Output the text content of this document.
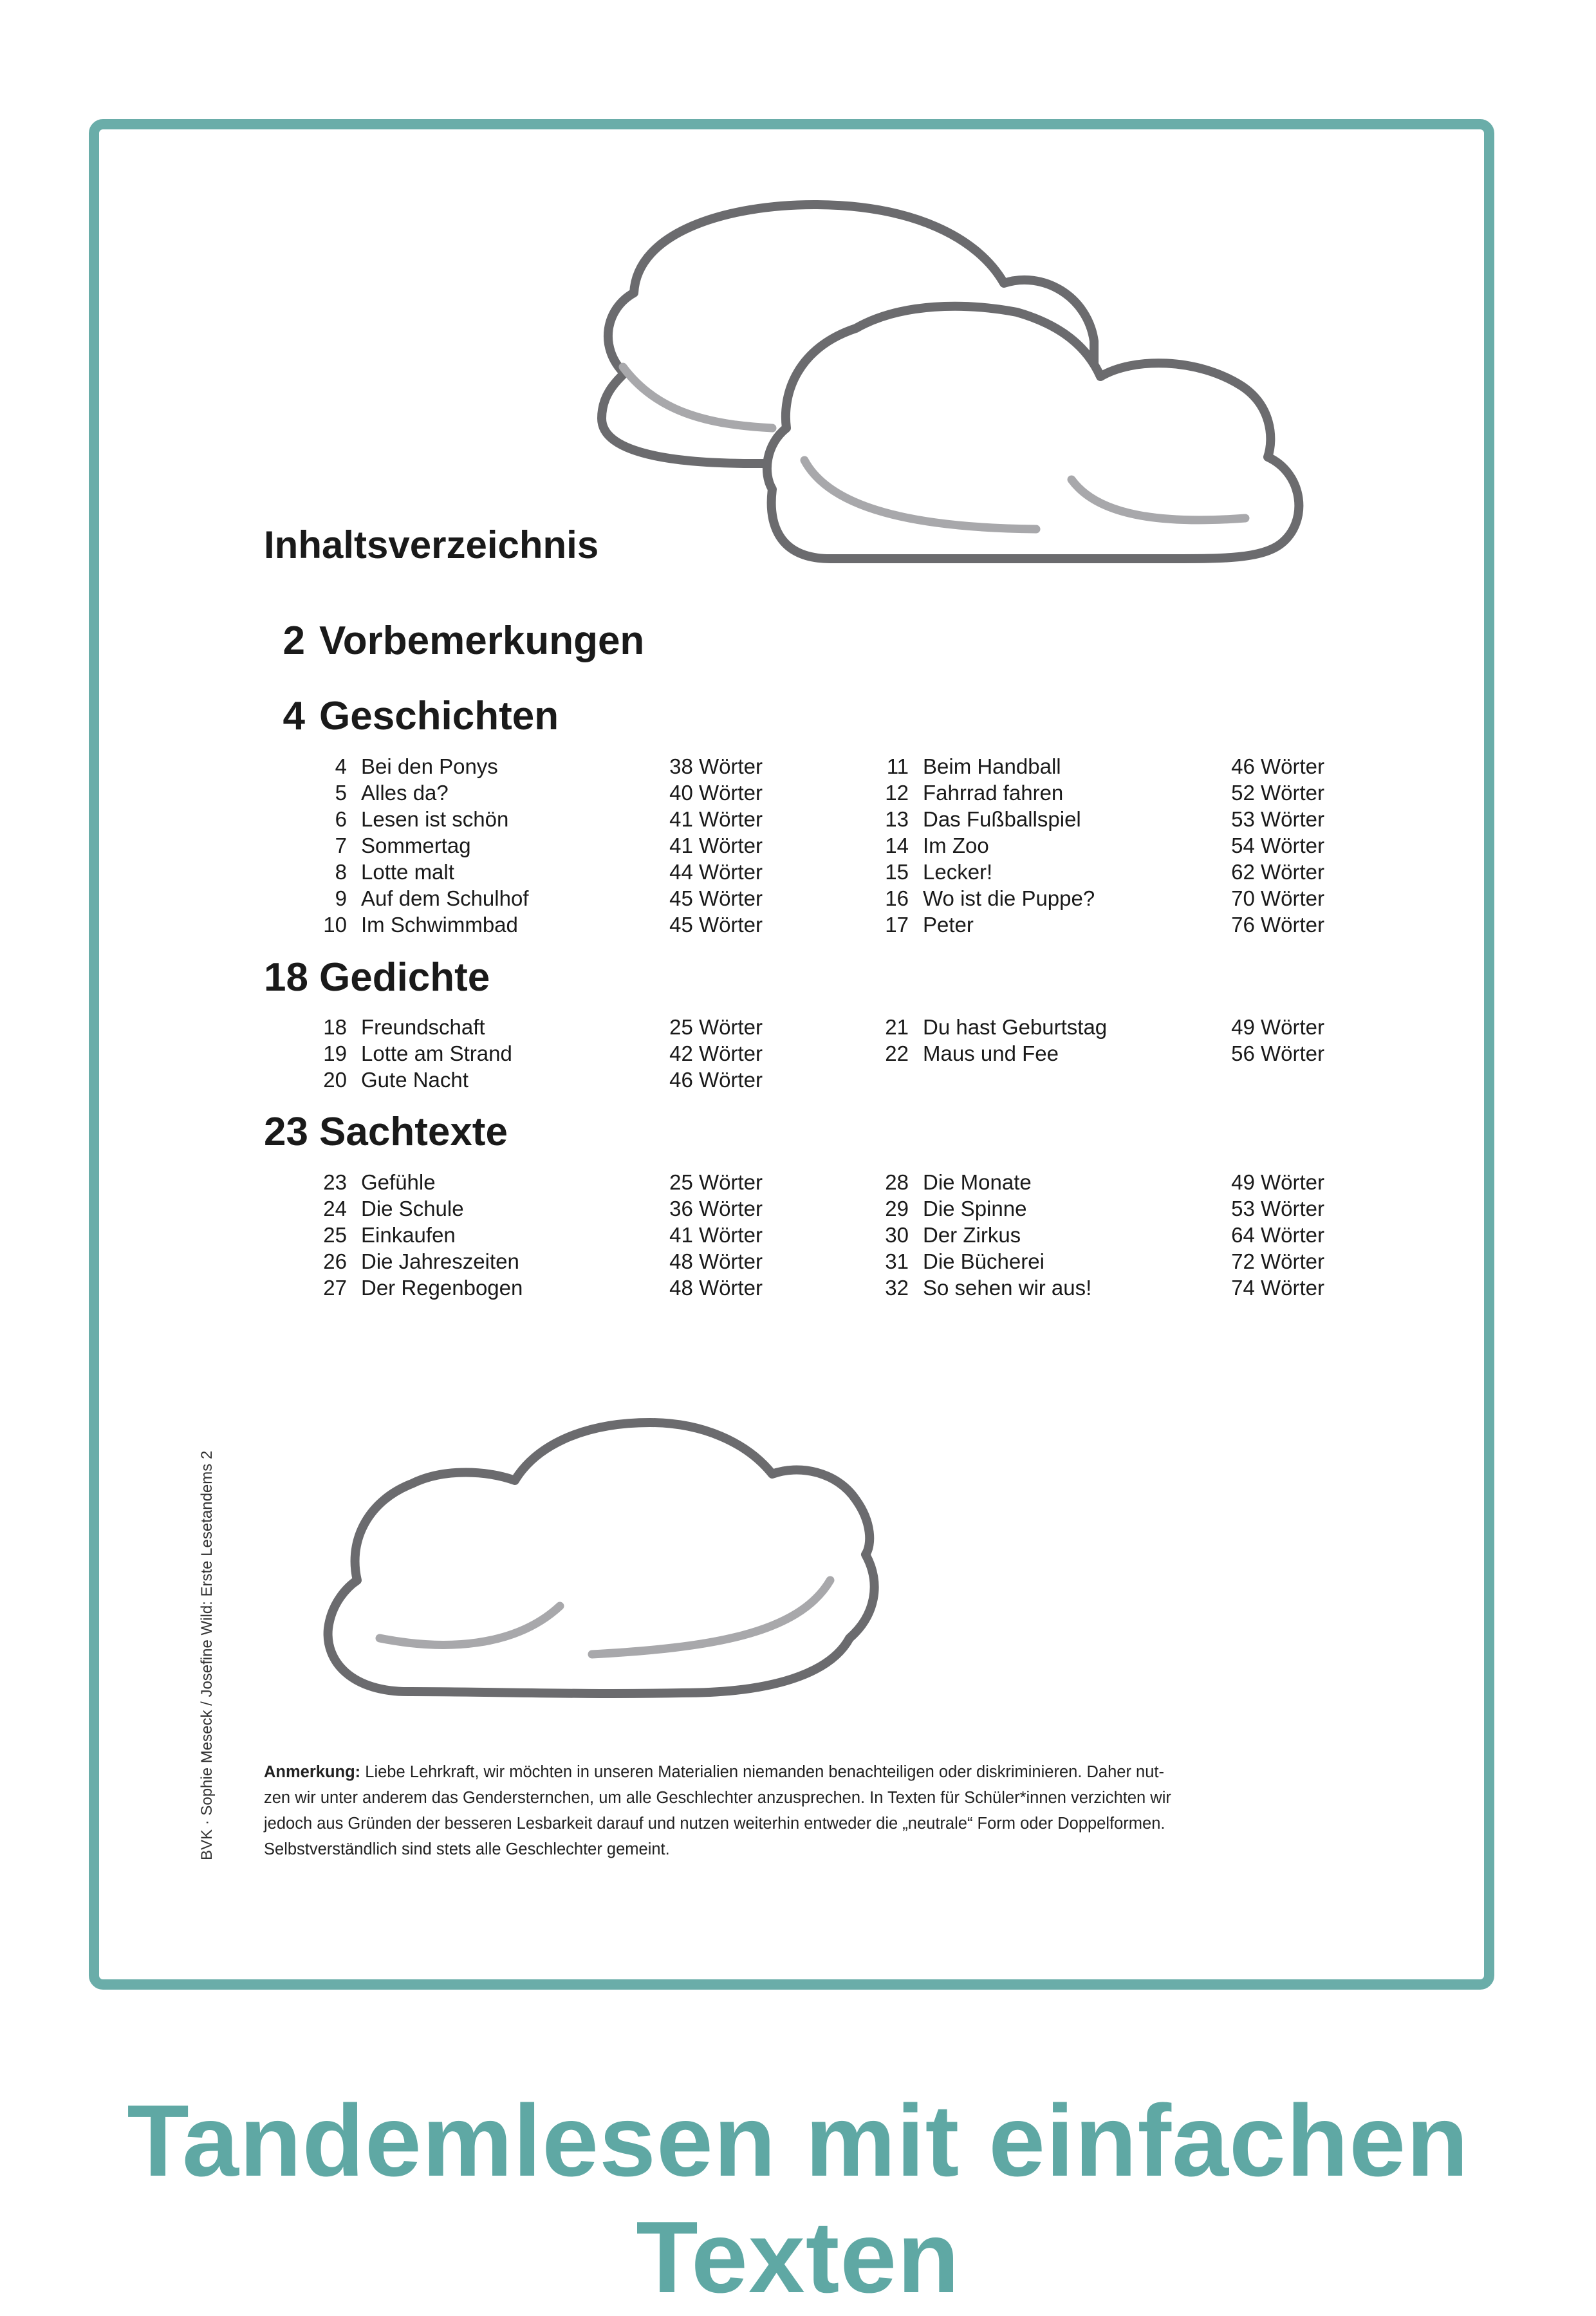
Inhaltsverzeichnis
2 Vorbemerkungen
4 Geschichten
18 Gedichte
23 Sachtexte
Anmerkung: Liebe Lehrkraft, wir möchten in unseren Materialien niemanden benachteiligen oder diskriminieren. Daher nut-
zen wir unter anderem das Gendersternchen, um alle Geschlechter anzusprechen. In Texten für Schüler*innen verzichten wir
jedoch aus Gründen der besseren Lesbarkeit darauf und nutzen weiterhin entweder die „neutrale“ Form oder Doppelformen.
Selbstverständlich sind stets alle Geschlechter gemeint.
BVK · Sophie Meseck / Josefine Wild: Erste Lesetandems 2
Tandemlesen mit einfachen Texten
4 Bei den Ponys	38 Wörter
5 Alles da?	40 Wörter
6 Lesen ist schön	41 Wörter
7 Sommertag	41 Wörter
8 Lotte malt	44 Wörter
9 Auf dem Schulhof	45 Wörter
10 Im Schwimmbad	45 Wörter
11 Beim Handball	46 Wörter
12 Fahrrad fahren	52 Wörter
13 Das Fußballspiel	53 Wörter
14 Im Zoo	54 Wörter
15 Lecker!	62 Wörter
16 Wo ist die Puppe?	70 Wörter
17 Peter	76 Wörter
18 Freundschaft	25 Wörter
19 Lotte am Strand	42 Wörter
20 Gute Nacht	46 Wörter
21 Du hast Geburtstag	49 Wörter
22 Maus und Fee	56 Wörter
23 Gefühle	25 Wörter
24 Die Schule	36 Wörter
25 Einkaufen	41 Wörter
26 Die Jahreszeiten	48 Wörter
27 Der Regenbogen	48 Wörter
28 Die Monate	49 Wörter
29 Die Spinne	53 Wörter
30 Der Zirkus	64 Wörter
31 Die Bücherei	72 Wörter
32 So sehen wir aus!	74 Wörter
